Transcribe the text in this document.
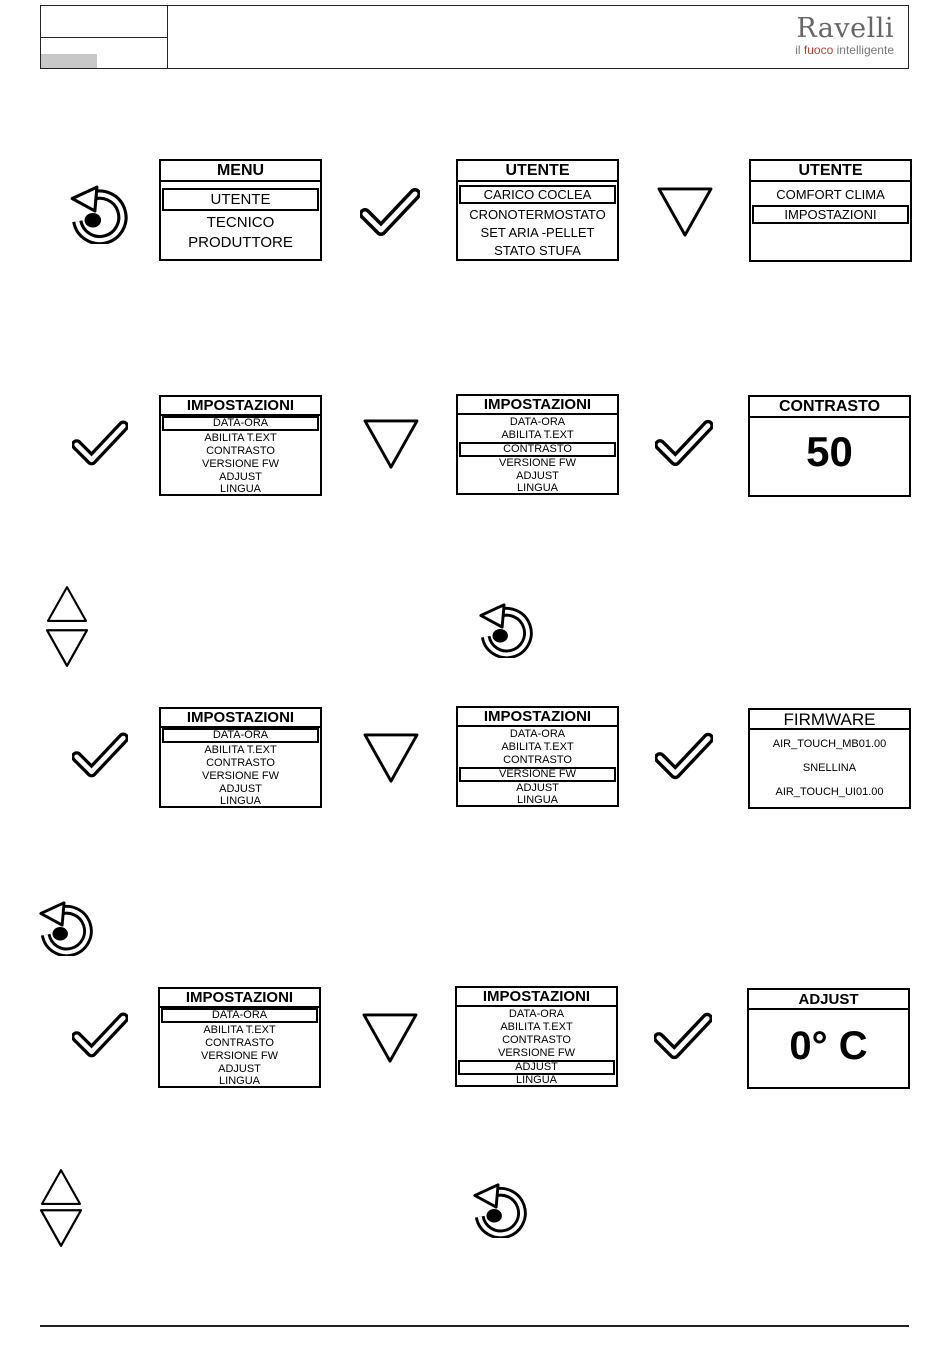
Ravelli
il fuoco intelligente
MENU
UTENTE
TECNICO
PRODUTTORE
UTENTE
CARICO COCLEA
CRONOTERMOSTATO
SET ARIA -PELLET
STATO STUFA
UTENTE
COMFORT CLIMA
IMPOSTAZIONI
IMPOSTAZIONI
DATA-ORA
ABILITA T.EXT
CONTRASTO
VERSIONE FW
ADJUST
LINGUA
IMPOSTAZIONI
DATA-ORA
ABILITA T.EXT
CONTRASTO
VERSIONE FW
ADJUST
LINGUA
CONTRASTO
50
IMPOSTAZIONI
DATA-ORA
ABILITA T.EXT
CONTRASTO
VERSIONE FW
ADJUST
LINGUA
IMPOSTAZIONI
DATA-ORA
ABILITA T.EXT
CONTRASTO
VERSIONE FW
ADJUST
LINGUA
FIRMWARE
AIR_TOUCH_MB01.00
SNELLINA
AIR_TOUCH_UI01.00
IMPOSTAZIONI
DATA-ORA
ABILITA T.EXT
CONTRASTO
VERSIONE FW
ADJUST
LINGUA
IMPOSTAZIONI
DATA-ORA
ABILITA T.EXT
CONTRASTO
VERSIONE FW
ADJUST
LINGUA
ADJUST
0° C
